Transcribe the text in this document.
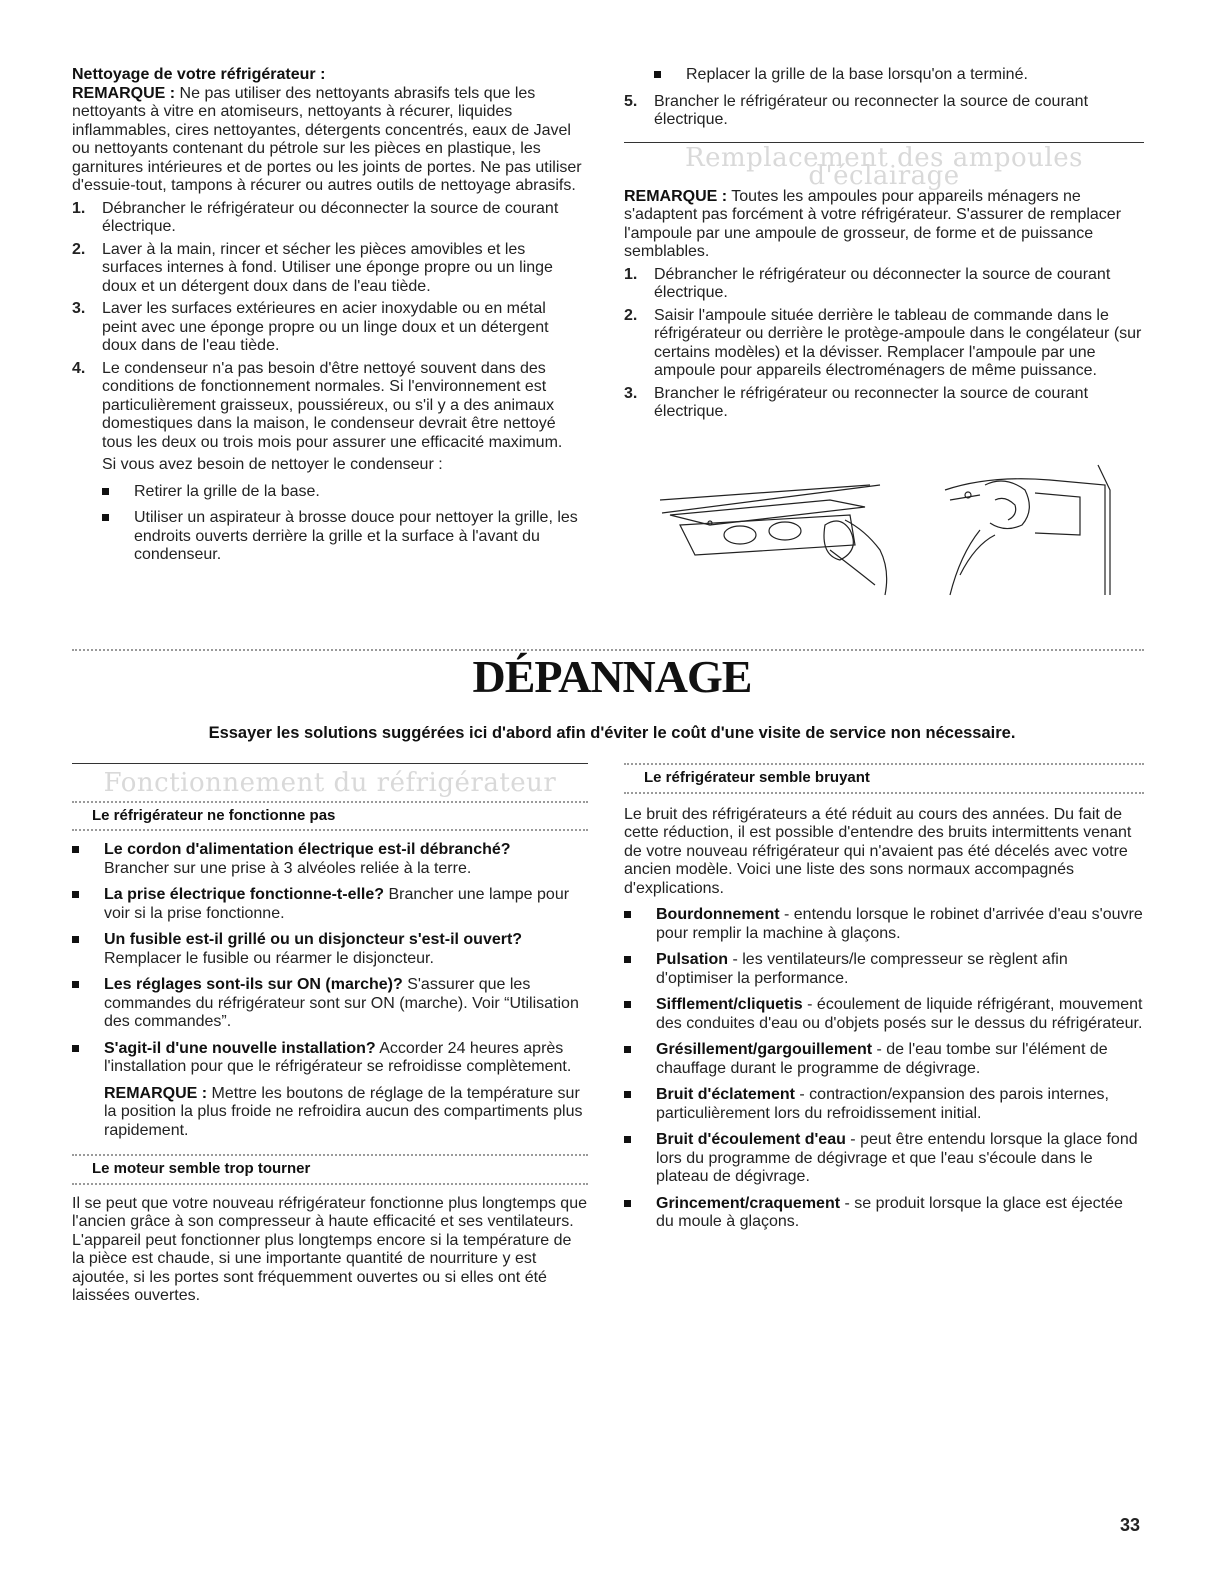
Nettoyage de votre réfrigérateur :

REMARQUE : Ne pas utiliser des nettoyants abrasifs tels que les nettoyants à vitre en atomiseurs, nettoyants à récurer, liquides inflammables, cires nettoyantes, détergents concentrés, eaux de Javel ou nettoyants contenant du pétrole sur les pièces en plastique, les garnitures intérieures et de portes ou les joints de portes. Ne pas utiliser d'essuie-tout, tampons à récurer ou autres outils de nettoyage abrasifs.

1. Débrancher le réfrigérateur ou déconnecter la source de courant électrique.
2. Laver à la main, rincer et sécher les pièces amovibles et les surfaces internes à fond. Utiliser une éponge propre ou un linge doux et un détergent doux dans de l'eau tiède.
3. Laver les surfaces extérieures en acier inoxydable ou en métal peint avec une éponge propre ou un linge doux et un détergent doux dans de l'eau tiède.
4. Le condenseur n'a pas besoin d'être nettoyé souvent dans des conditions de fonctionnement normales. Si l'environnement est particulièrement graisseux, poussiéreux, ou s'il y a des animaux domestiques dans la maison, le condenseur devrait être nettoyé tous les deux ou trois mois pour assurer une efficacité maximum.

Si vous avez besoin de nettoyer le condenseur :

Retirer la grille de la base.
Utiliser un aspirateur à brosse douce pour nettoyer la grille, les endroits ouverts derrière la grille et la surface à l'avant du condenseur.
Replacer la grille de la base lorsqu'on a terminé.
5. Brancher le réfrigérateur ou reconnecter la source de courant électrique.
Remplacement des ampoules d'éclairage

REMARQUE : Toutes les ampoules pour appareils ménagers ne s'adaptent pas forcément à votre réfrigérateur. S'assurer de remplacer l'ampoule par une ampoule de grosseur, de forme et de puissance semblables.

1. Débrancher le réfrigérateur ou déconnecter la source de courant électrique.
2. Saisir l'ampoule située derrière le tableau de commande dans le réfrigérateur ou derrière le protège-ampoule dans le congélateur (sur certains modèles) et la dévisser. Remplacer l'ampoule par une ampoule pour appareils électroménagers de même puissance.
3. Brancher le réfrigérateur ou reconnecter la source de courant électrique.
DÉPANNAGE
Essayer les solutions suggérées ici d'abord afin d'éviter le coût d'une visite de service non nécessaire.
Fonctionnement du réfrigérateur
Le réfrigérateur ne fonctionne pas
Le cordon d'alimentation électrique est-il débranché?
Brancher sur une prise à 3 alvéoles reliée à la terre.
La prise électrique fonctionne-t-elle? Brancher une lampe pour voir si la prise fonctionne.
Un fusible est-il grillé ou un disjoncteur s'est-il ouvert?
Remplacer le fusible ou réarmer le disjoncteur.
Les réglages sont-ils sur ON (marche)? S'assurer que les commandes du réfrigérateur sont sur ON (marche). Voir “Utilisation des commandes”.
S'agit-il d'une nouvelle installation? Accorder 24 heures après l'installation pour que le réfrigérateur se refroidisse complètement.

REMARQUE : Mettre les boutons de réglage de la température sur la position la plus froide ne refroidira aucun des compartiments plus rapidement.

Le moteur semble trop tourner

Il se peut que votre nouveau réfrigérateur fonctionne plus longtemps que l'ancien grâce à son compresseur à haute efficacité et ses ventilateurs. L'appareil peut fonctionner plus longtemps encore si la température de la pièce est chaude, si une importante quantité de nourriture y est ajoutée, si les portes sont fréquemment ouvertes ou si elles ont été laissées ouvertes.

Le réfrigérateur semble bruyant

Le bruit des réfrigérateurs a été réduit au cours des années. Du fait de cette réduction, il est possible d'entendre des bruits intermittents venant de votre nouveau réfrigérateur qui n'avaient pas été décelés avec votre ancien modèle. Voici une liste des sons normaux accompagnés d'explications.

Bourdonnement - entendu lorsque le robinet d'arrivée d'eau s'ouvre pour remplir la machine à glaçons.
Pulsation - les ventilateurs/le compresseur se règlent afin d'optimiser la performance.
Sifflement/cliquetis - écoulement de liquide réfrigérant, mouvement des conduites d'eau ou d'objets posés sur le dessus du réfrigérateur.
Grésillement/gargouillement - de l'eau tombe sur l'élément de chauffage durant le programme de dégivrage.
Bruit d'éclatement - contraction/expansion des parois internes, particulièrement lors du refroidissement initial.
Bruit d'écoulement d'eau - peut être entendu lorsque la glace fond lors du programme de dégivrage et que l'eau s'écoule dans le plateau de dégivrage.
Grincement/craquement - se produit lorsque la glace est éjectée du moule à glaçons.
33
